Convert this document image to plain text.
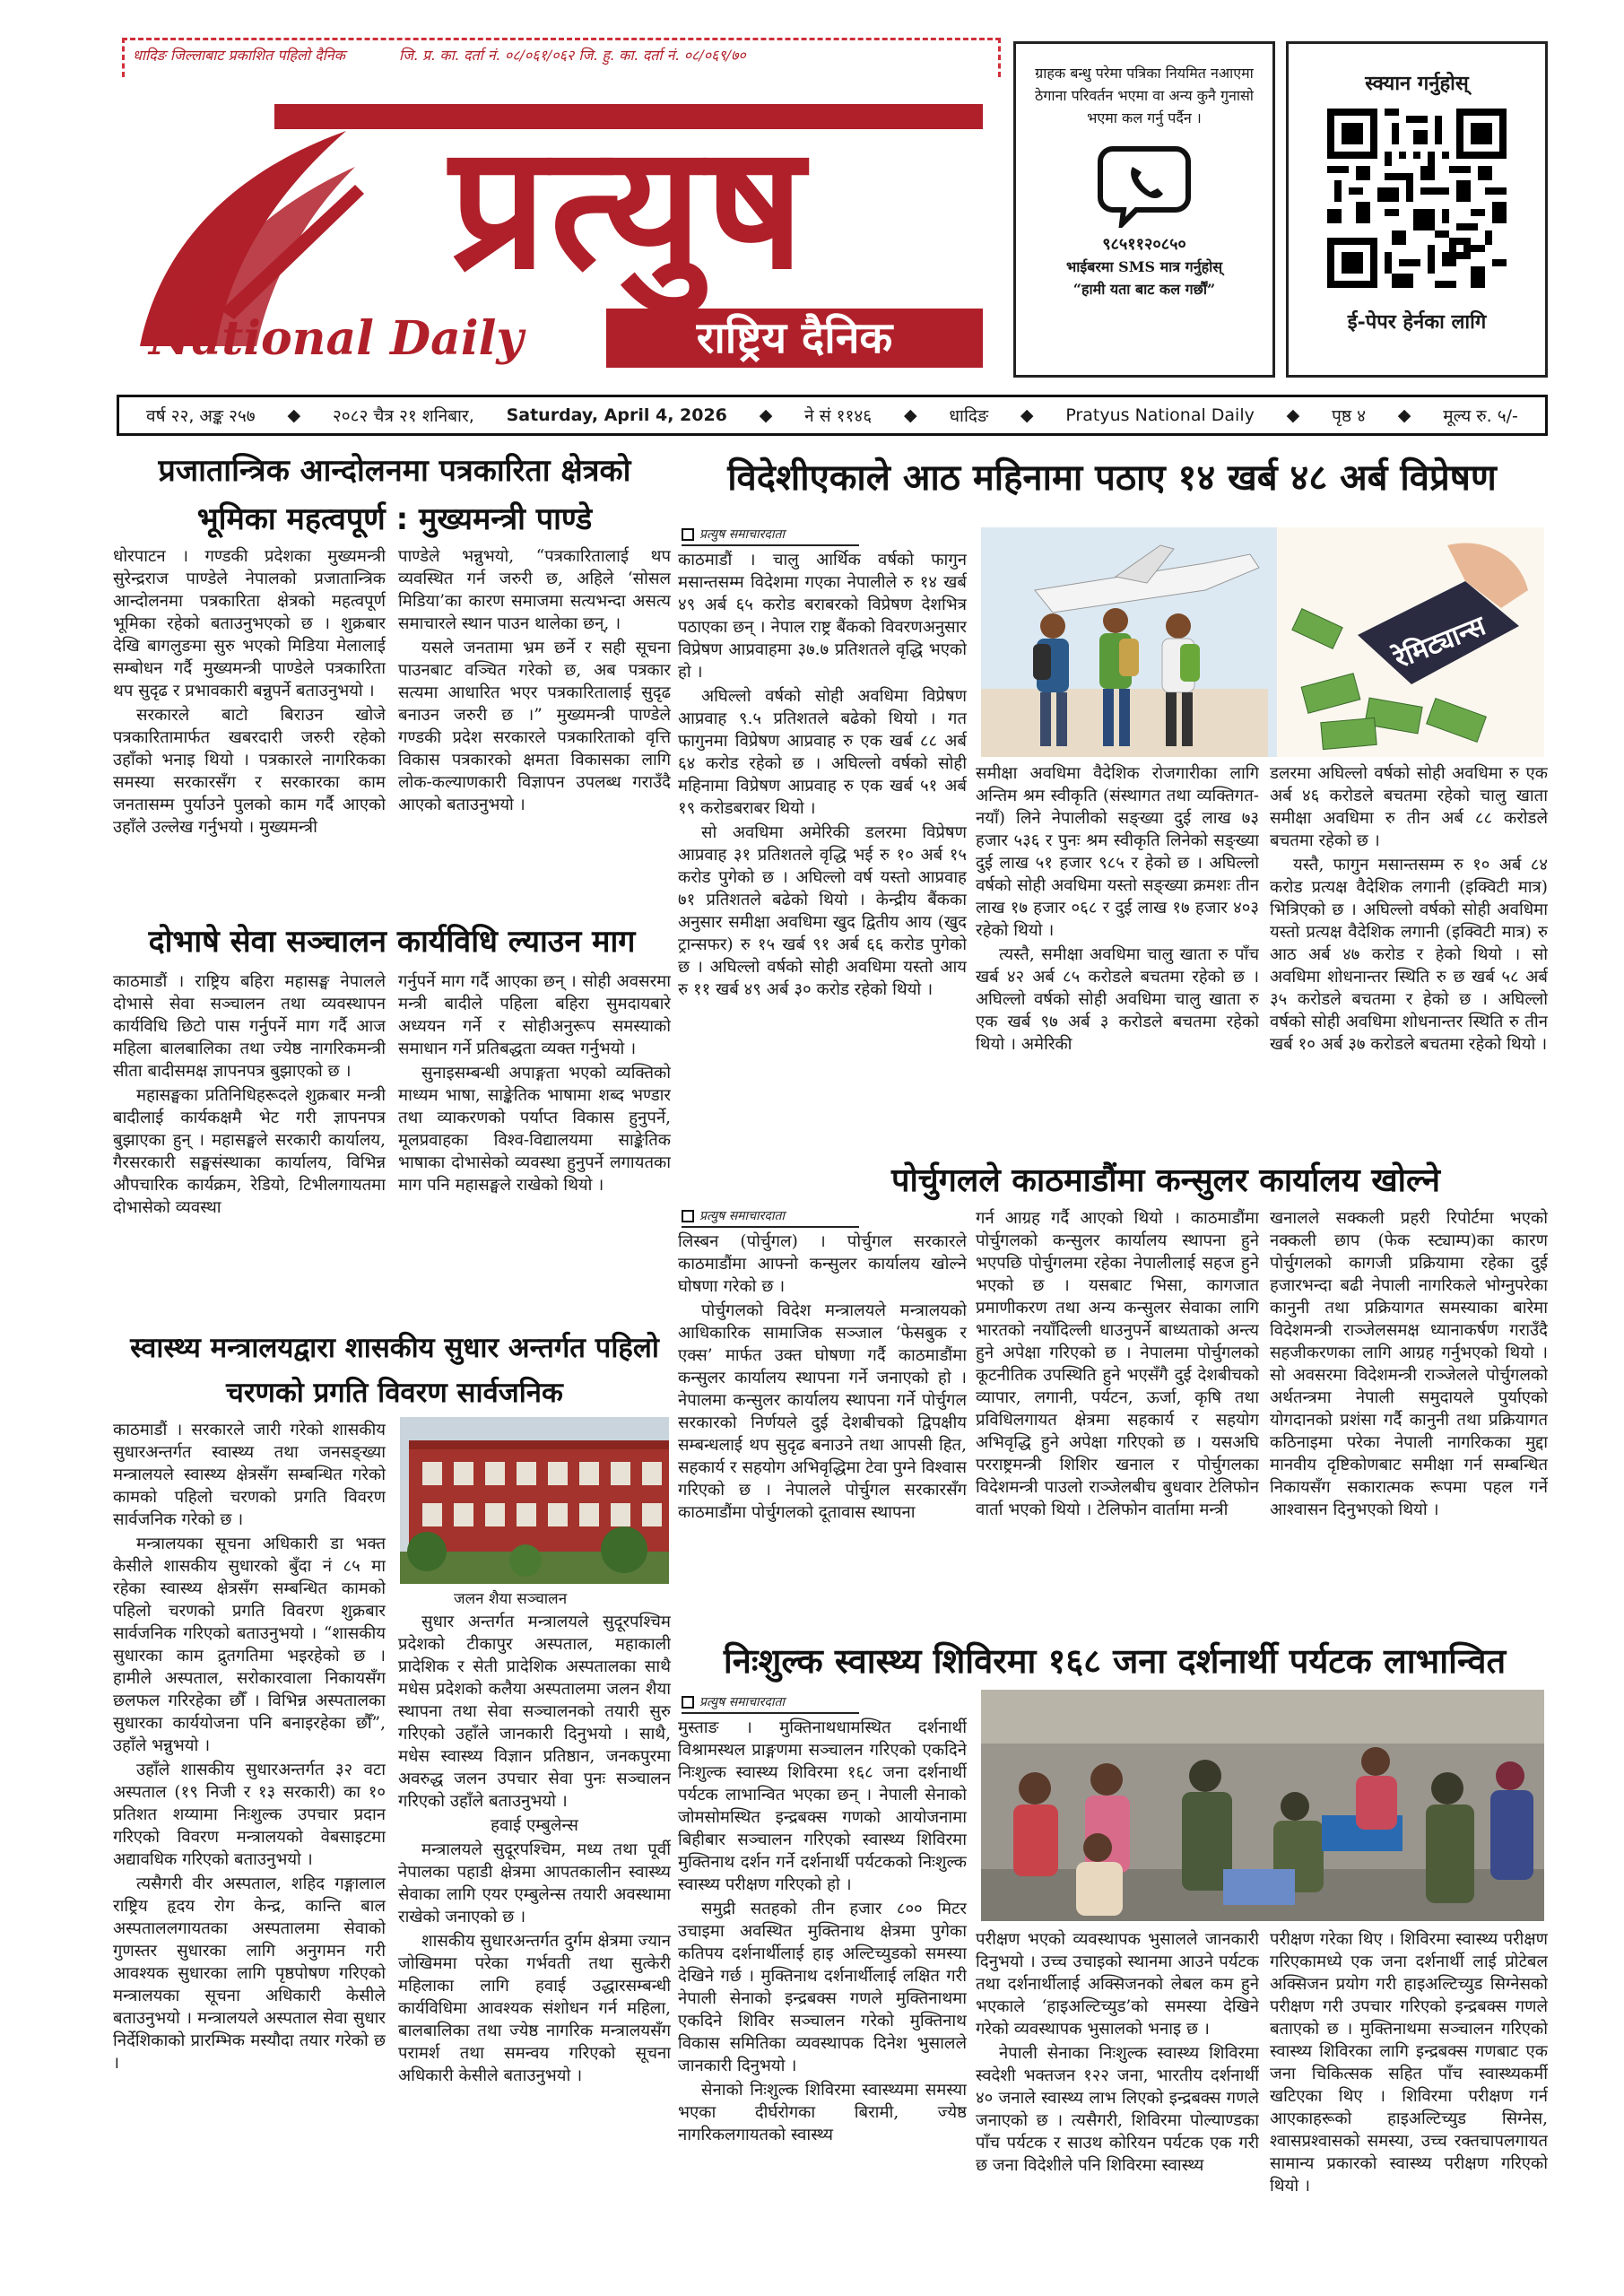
धादिङ जिल्लाबाट प्रकाशित पहिलो दैनिक	जि. प्र. का. दर्ता नं. ०८/०६१/०६२ जि. हु. का. दर्ता नं. ०८/०६९/७०
प्रत्युष
National Daily	राष्ट्रिय दैनिक
ग्राहक बन्धु परेमा पत्रिका नियमित नआएमा ठेगाना परिवर्तन भएमा वा अन्य कुनै गुनासो भएमा कल गर्नु पर्दैन ।
९८५११२०८५०
भाईबरमा SMS मात्र गर्नुहोस्
“हामी यता बाट कल गर्छौं”
स्क्यान गर्नुहोस्
ई-पेपर हेर्नका लागि
वर्ष २२, अङ्क २५७ ◆ २०८२ चैत्र २१ शनिबार, Saturday, April 4, 2026 ◆ ने सं ११४६ ◆ धादिङ ◆ Pratyus National Daily ◆ पृष्ठ ४ ◆ मूल्य रु. ५/-
प्रजातान्त्रिक आन्दोलनमा पत्रकारिता क्षेत्रको भूमिका महत्वपूर्ण : मुख्यमन्त्री पाण्डे

धोरपाटन । गण्डकी प्रदेशका मुख्यमन्त्री सुरेन्द्रराज पाण्डेले नेपालको प्रजातान्त्रिक आन्दोलनमा पत्रकारिता क्षेत्रको महत्वपूर्ण भूमिका रहेको बताउनुभएको छ । शुक्रबार देखि बागलुङमा सुरु भएको मिडिया मेलालाई सम्बोधन गर्दै मुख्यमन्त्री पाण्डेले पत्रकारिता थप सुदृढ र प्रभावकारी बन्नुपर्ने बताउनुभयो ।

सरकारले बाटो बिराउन खोजे पत्रकारितामार्फत खबरदारी जरुरी रहेको उहाँको भनाइ थियो । पत्रकारले नागरिकका समस्या सरकारसँग र सरकारका काम जनतासम्म पुर्याउने पुलको काम गर्दै आएको उहाँले उल्लेख गर्नुभयो । मुख्यमन्त्री

पाण्डेले भन्नुभयो, “पत्रकारितालाई थप व्यवस्थित गर्न जरुरी छ, अहिले ‘सोसल मिडिया’का कारण समाजमा सत्यभन्दा असत्य समाचारले स्थान पाउन थालेका छन्, ।

यसले जनतामा भ्रम छर्ने र सही सूचना पाउनबाट वञ्चित गरेको छ, अब पत्रकार सत्यमा आधारित भएर पत्रकारितालाई सुदृढ बनाउन जरुरी छ ।” मुख्यमन्त्री पाण्डेले गण्डकी प्रदेश सरकारले पत्रकारिताको वृत्ति विकास पत्रकारको क्षमता विकासका लागि लोक-कल्याणकारी विज्ञापन उपलब्ध गराउँदै आएको बताउनुभयो ।

दोभाषे सेवा सञ्चालन कार्यविधि ल्याउन माग

काठमाडौं । राष्ट्रिय बहिरा महासङ्घ नेपालले दोभासे सेवा सञ्चालन तथा व्यवस्थापन कार्यविधि छिटो पास गर्नुपर्ने माग गर्दै आज महिला बालबालिका तथा ज्येष्ठ नागरिकमन्त्री सीता बादीसमक्ष ज्ञापनपत्र बुझाएको छ ।

महासङ्घका प्रतिनिधिहरूदले शुक्रबार मन्त्री बादीलाई कार्यकक्षमै भेट गरी ज्ञापनपत्र बुझाएका हुन् । महासङ्घले सरकारी कार्यालय, गैरसरकारी सङ्घसंस्थाका कार्यालय, विभिन्न औपचारिक कार्यक्रम, रेडियो, टिभीलगायतमा दोभासेको व्यवस्था

गर्नुपर्ने माग गर्दै आएका छन् । सोही अवसरमा मन्त्री बादीले पहिला बहिरा सुमदायबारे अध्ययन गर्ने र सोहीअनुरूप समस्याको समाधान गर्ने प्रतिबद्धता व्यक्त गर्नुभयो ।

सुनाइसम्बन्धी अपाङ्गता भएको व्यक्तिको माध्यम भाषा, साङ्केतिक भाषामा शब्द भण्डार तथा व्याकरणको पर्याप्त विकास हुनुपर्ने, मूलप्रवाहका विश्व-विद्यालयमा साङ्केतिक भाषाका दोभासेको व्यवस्था हुनुपर्ने लगायतका माग पनि महासङ्घले राखेको थियो ।

स्वास्थ्य मन्त्रालयद्वारा शासकीय सुधार अन्तर्गत पहिलो चरणको प्रगति विवरण सार्वजनिक

काठमाडौं । सरकारले जारी गरेको शासकीय सुधारअन्तर्गत स्वास्थ्य तथा जनसङ्ख्या मन्त्रालयले स्वास्थ्य क्षेत्रसँग सम्बन्धित गरेको कामको पहिलो चरणको प्रगति विवरण सार्वजनिक गरेको छ ।

मन्त्रालयका सूचना अधिकारी डा भक्त केसीले शासकीय सुधारको बुँदा नं ८५ मा रहेका स्वास्थ्य क्षेत्रसँग सम्बन्धित कामको पहिलो चरणको प्रगति विवरण शुक्रबार सार्वजनिक गरिएको बताउनुभयो । “शासकीय सुधारका काम द्रुतगतिमा भइरहेको छ । हामीले अस्पताल, सरोकारवाला निकायसँग छलफल गरिरहेका छौँ । विभिन्न अस्पतालका सुधारका कार्ययोजना पनि बनाइरहेका छौँ”, उहाँले भन्नुभयो ।

उहाँले शासकीय सुधारअन्तर्गत ३२ वटा अस्पताल (१९ निजी र १३ सरकारी) का १० प्रतिशत शय्यामा निःशुल्क उपचार प्रदान गरिएको विवरण मन्त्रालयको वेबसाइटमा अद्यावधिक गरिएको बताउनुभयो ।

त्यसैगरी वीर अस्पताल, शहिद गङ्गालाल राष्ट्रिय हृदय रोग केन्द्र, कान्ति बाल अस्पताललगायतका अस्पतालमा सेवाको गुणस्तर सुधारका लागि अनुगमन गरी आवश्यक सुधारका लागि पृष्ठपोषण गरिएको मन्त्रालयका सूचना अधिकारी केसीले बताउनुभयो । मन्त्रालयले अस्पताल सेवा सुधार निर्देशिकाको प्रारम्भिक मस्यौदा तयार गरेको छ ।

जलन शैया सञ्चालन

सुधार अन्तर्गत मन्त्रालयले सुदूरपश्चिम प्रदेशको टीकापुर अस्पताल, महाकाली प्रादेशिक र सेती प्रादेशिक अस्पतालका साथै मधेस प्रदेशको कलैया अस्पतालमा जलन शैया स्थापना तथा सेवा सञ्चालनको तयारी सुरु गरिएको उहाँले जानकारी दिनुभयो । साथै, मधेस स्वास्थ्य विज्ञान प्रतिष्ठान, जनकपुरमा अवरुद्ध जलन उपचार सेवा पुनः सञ्चालन गरिएको उहाँले बताउनुभयो ।

हवाई एम्बुलेन्स

मन्त्रालयले सुदूरपश्चिम, मध्य तथा पूर्वी नेपालका पहाडी क्षेत्रमा आपतकालीन स्वास्थ्य सेवाका लागि एयर एम्बुलेन्स तयारी अवस्थामा राखेको जनाएको छ ।

शासकीय सुधारअन्तर्गत दुर्गम क्षेत्रमा ज्यान जोखिममा परेका गर्भवती तथा सुत्केरी महिलाका लागि हवाई उद्धारसम्बन्धी कार्यविधिमा आवश्यक संशोधन गर्न महिला, बालबालिका तथा ज्येष्ठ नागरिक मन्त्रालयसँग परामर्श तथा समन्वय गरिएको सूचना अधिकारी केसीले बताउनुभयो ।

विदेशीएकाले आठ महिनामा पठाए १४ खर्ब ४८ अर्ब विप्रेषण
प्रत्युष समाचारदाता

काठमाडौं । चालु आर्थिक वर्षको फागुन मसान्तसम्म विदेशमा गएका नेपालीले रु १४ खर्ब ४९ अर्ब ६५ करोड बराबरको विप्रेषण देशभित्र पठाएका छन् । नेपाल राष्ट्र बैंकको विवरणअनुसार विप्रेषण आप्रवाहमा ३७.७ प्रतिशतले वृद्धि भएको हो ।

अघिल्लो वर्षको सोही अवधिमा विप्रेषण आप्रवाह ९.५ प्रतिशतले बढेको थियो । गत फागुनमा विप्रेषण आप्रवाह रु एक खर्ब ८८ अर्ब ६४ करोड रहेको छ । अघिल्लो वर्षको सोही महिनामा विप्रेषण आप्रवाह रु एक खर्ब ५१ अर्ब १९ करोडबराबर थियो ।

सो अवधिमा अमेरिकी डलरमा विप्रेषण आप्रवाह ३१ प्रतिशतले वृद्धि भई रु १० अर्ब १५ करोड पुगेको छ । अघिल्लो वर्ष यस्तो आप्रवाह ७१ प्रतिशतले बढेको थियो । केन्द्रीय बैंकका अनुसार समीक्षा अवधिमा खुद द्वितीय आय (खुद ट्रान्सफर) रु १५ खर्ब ९१ अर्ब ६६ करोड पुगेको छ । अघिल्लो वर्षको सोही अवधिमा यस्तो आय रु ११ खर्ब ४९ अर्ब ३० करोड रहेको थियो ।

रेमिट्यान्स

समीक्षा अवधिमा वैदेशिक रोजगारीका लागि अन्तिम श्रम स्वीकृति (संस्थागत तथा व्यक्तिगत-नयाँ) लिने नेपालीको सङ्ख्या दुई लाख ७३ हजार ५३६ र पुनः श्रम स्वीकृति लिनेको सङ्ख्या दुई लाख ५१ हजार ९८५ र हेको छ । अघिल्लो वर्षको सोही अवधिमा यस्तो सङ्ख्या क्रमशः तीन लाख १७ हजार ०६८ र दुई लाख १७ हजार ४०३ रहेको थियो ।

त्यस्तै, समीक्षा अवधिमा चालु खाता रु पाँच खर्ब ४२ अर्ब ८५ करोडले बचतमा रहेको छ । अघिल्लो वर्षको सोही अवधिमा चालु खाता रु एक खर्ब ९७ अर्ब ३ करोडले बचतमा रहेको थियो । अमेरिकी

डलरमा अघिल्लो वर्षको सोही अवधिमा रु एक अर्ब ४६ करोडले बचतमा रहेको चालु खाता समीक्षा अवधिमा रु तीन अर्ब ८८ करोडले बचतमा रहेको छ ।

यस्तै, फागुन मसान्तसम्म रु १० अर्ब ८४ करोड प्रत्यक्ष वैदेशिक लगानी (इक्विटी मात्र) भित्रिएको छ । अघिल्लो वर्षको सोही अवधिमा यस्तो प्रत्यक्ष वैदेशिक लगानी (इक्विटी मात्र) रु आठ अर्ब ४७ करोड र हेको थियो । सो अवधिमा शोधनान्तर स्थिति रु छ खर्ब ५८ अर्ब ३५ करोडले बचतमा र हेको छ । अघिल्लो वर्षको सोही अवधिमा शोधनान्तर स्थिति रु तीन खर्ब १० अर्ब ३७ करोडले बचतमा रहेको थियो ।

पोर्चुगलले काठमाडौंमा कन्सुलर कार्यालय खोल्ने
प्रत्युष समाचारदाता

लिस्बन (पोर्चुगल) । पोर्चुगल सरकारले काठमाडौंमा आफ्नो कन्सुलर कार्यालय खोल्ने घोषणा गरेको छ ।

पोर्चुगलको विदेश मन्त्रालयले मन्त्रालयको आधिकारिक सामाजिक सञ्जाल ‘फेसबुक र एक्स’ मार्फत उक्त घोषणा गर्दै काठमाडौंमा कन्सुलर कार्यालय स्थापना गर्ने जनाएको हो । नेपालमा कन्सुलर कार्यालय स्थापना गर्ने पोर्चुगल सरकारको निर्णयले दुई देशबीचको द्विपक्षीय सम्बन्धलाई थप सुदृढ बनाउने तथा आपसी हित, सहकार्य र सहयोग अभिवृद्धिमा टेवा पुग्ने विश्वास गरिएको छ । नेपालले पोर्चुगल सरकारसँग काठमाडौंमा पोर्चुगलको दूतावास स्थापना

गर्न आग्रह गर्दै आएको थियो । काठमाडौंमा पोर्चुगलको कन्सुलर कार्यालय स्थापना हुने भएपछि पोर्चुगलमा रहेका नेपालीलाई सहज हुने भएको छ । यसबाट भिसा, कागजात प्रमाणीकरण तथा अन्य कन्सुलर सेवाका लागि भारतको नयाँदिल्ली धाउनुपर्ने बाध्यताको अन्त्य हुने अपेक्षा गरिएको छ । नेपालमा पोर्चुगलको कूटनीतिक उपस्थिति हुने भएसँगै दुई देशबीचको व्यापार, लगानी, पर्यटन, ऊर्जा, कृषि तथा प्रविधिलगायत क्षेत्रमा सहकार्य र सहयोग अभिवृद्धि हुने अपेक्षा गरिएको छ । यसअघि परराष्ट्रमन्त्री शिशिर खनाल र पोर्चुगलका विदेशमन्त्री पाउलो राञ्जेलबीच बुधवार टेलिफोन वार्ता भएको थियो । टेलिफोन वार्तामा मन्त्री

खनालले सक्कली प्रहरी रिपोर्टमा भएको नक्कली छाप (फेक स्ट्याम्प)का कारण पोर्चुगलको कागजी प्रक्रियामा रहेका दुई हजारभन्दा बढी नेपाली नागरिकले भोग्नुपरेका कानुनी तथा प्रक्रियागत समस्याका बारेमा विदेशमन्त्री राञ्जेलसमक्ष ध्यानाकर्षण गराउँदै सहजीकरणका लागि आग्रह गर्नुभएको थियो । सो अवसरमा विदेशमन्त्री राञ्जेलले पोर्चुगलको अर्थतन्त्रमा नेपाली समुदायले पुर्याएको योगदानको प्रशंसा गर्दै कानुनी तथा प्रक्रियागत कठिनाइमा परेका नेपाली नागरिकका मुद्दा मानवीय दृष्टिकोणबाट समीक्षा गर्न सम्बन्धित निकायसँग सकारात्मक रूपमा पहल गर्ने आश्वासन दिनुभएको थियो ।

निःशुल्क स्वास्थ्य शिविरमा १६८ जना दर्शनार्थी पर्यटक लाभान्वित
प्रत्युष समाचारदाता

मुस्ताङ । मुक्तिनाथधामस्थित दर्शनार्थी विश्रामस्थल प्राङ्गणमा सञ्चालन गरिएको एकदिने निःशुल्क स्वास्थ्य शिविरमा १६८ जना दर्शनार्थी पर्यटक लाभान्वित भएका छन् । नेपाली सेनाको जोमसोमस्थित इन्द्रबक्स गणको आयोजनामा बिहीबार सञ्चालन गरिएको स्वास्थ्य शिविरमा मुक्तिनाथ दर्शन गर्ने दर्शनार्थी पर्यटकको निःशुल्क स्वास्थ्य परीक्षण गरिएको हो ।

समुद्री सतहको तीन हजार ८०० मिटर उचाइमा अवस्थित मुक्तिनाथ क्षेत्रमा पुगेका कतिपय दर्शनार्थीलाई हाइ अल्टिच्युडको समस्या देखिने गर्छ । मुक्तिनाथ दर्शनार्थीलाई लक्षित गरी नेपाली सेनाको इन्द्रबक्स गणले मुक्तिनाथमा एकदिने शिविर सञ्चालन गरेको मुक्तिनाथ विकास समितिका व्यवस्थापक दिनेश भुसालले जानकारी दिनुभयो ।

सेनाको निःशुल्क शिविरमा स्वास्थ्यमा समस्या भएका दीर्घरोगका बिरामी, ज्येष्ठ नागरिकलगायतको स्वास्थ्य

परीक्षण भएको व्यवस्थापक भुसालले जानकारी दिनुभयो । उच्च उचाइको स्थानमा आउने पर्यटक तथा दर्शनार्थीलाई अक्सिजनको लेबल कम हुने भएकाले ‘हाइअल्टिच्युड’को समस्या देखिने गरेको व्यवस्थापक भुसालको भनाइ छ ।

नेपाली सेनाका निःशुल्क स्वास्थ्य शिविरमा स्वदेशी भक्तजन १२२ जना, भारतीय दर्शनार्थी ४० जनाले स्वास्थ्य लाभ लिएको इन्द्रबक्स गणले जनाएको छ । त्यसैगरी, शिविरमा पोल्याण्डका पाँच पर्यटक र साउथ कोरियन पर्यटक एक गरी छ जना विदेशीले पनि शिविरमा स्वास्थ्य

परीक्षण गरेका थिए । शिविरमा स्वास्थ्य परीक्षण गरिएकामध्ये एक जना दर्शनार्थी लाई प्रोटेबल अक्सिजन प्रयोग गरी हाइअल्टिच्युड सिग्नेसको परीक्षण गरी उपचार गरिएको इन्द्रबक्स गणले बताएको छ । मुक्तिनाथमा सञ्चालन गरिएको स्वास्थ्य शिविरका लागि इन्द्रबक्स गणबाट एक जना चिकित्सक सहित पाँच स्वास्थ्यकर्मी खटिएका थिए । शिविरमा परीक्षण गर्न आएकाहरूको हाइअल्टिच्युड सिग्नेस, श्वासप्रश्वासको समस्या, उच्च रक्तचापलगायत सामान्य प्रकारको स्वास्थ्य परीक्षण गरिएको थियो ।
